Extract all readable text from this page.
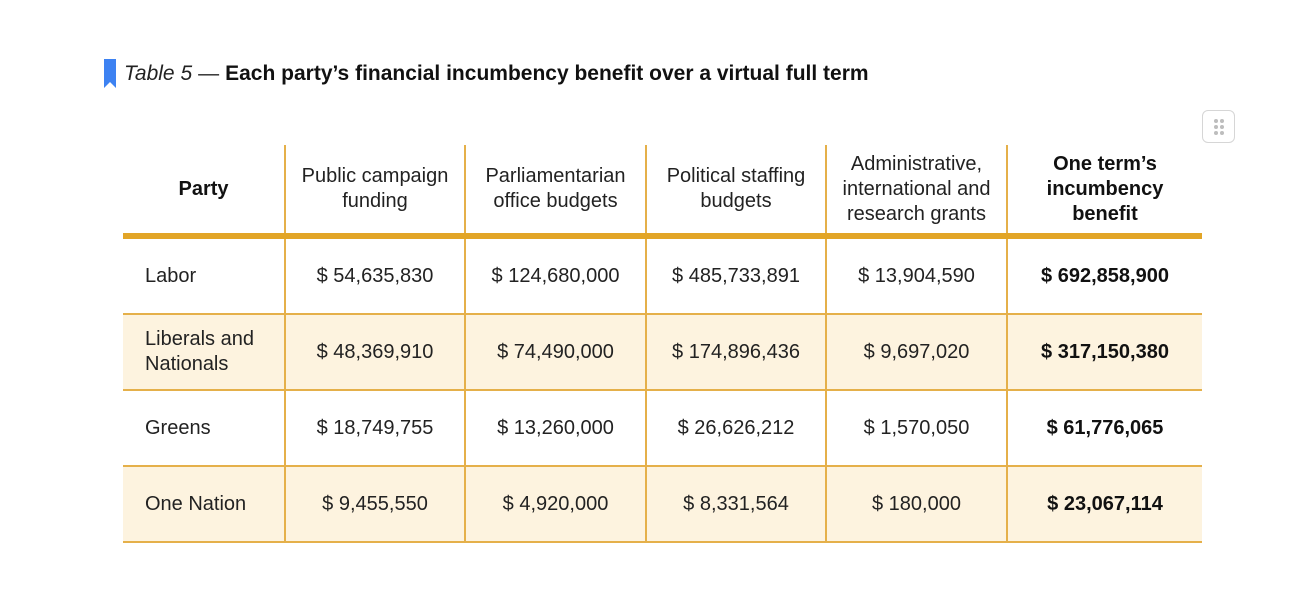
Table 5 — Each party’s financial incumbency benefit over a virtual full term
Party	Public campaign funding	Parliamentarian office budgets	Political staffing budgets	Administrative, international and research grants	One term’s incumbency benefit
Labor	$ 54,635,830	$ 124,680,000	$ 485,733,891	$ 13,904,590	$ 692,858,900
Liberals and Nationals	$ 48,369,910	$ 74,490,000	$ 174,896,436	$ 9,697,020	$ 317,150,380
Greens	$ 18,749,755	$ 13,260,000	$ 26,626,212	$ 1,570,050	$ 61,776,065
One Nation	$ 9,455,550	$ 4,920,000	$ 8,331,564	$ 180,000	$ 23,067,114
